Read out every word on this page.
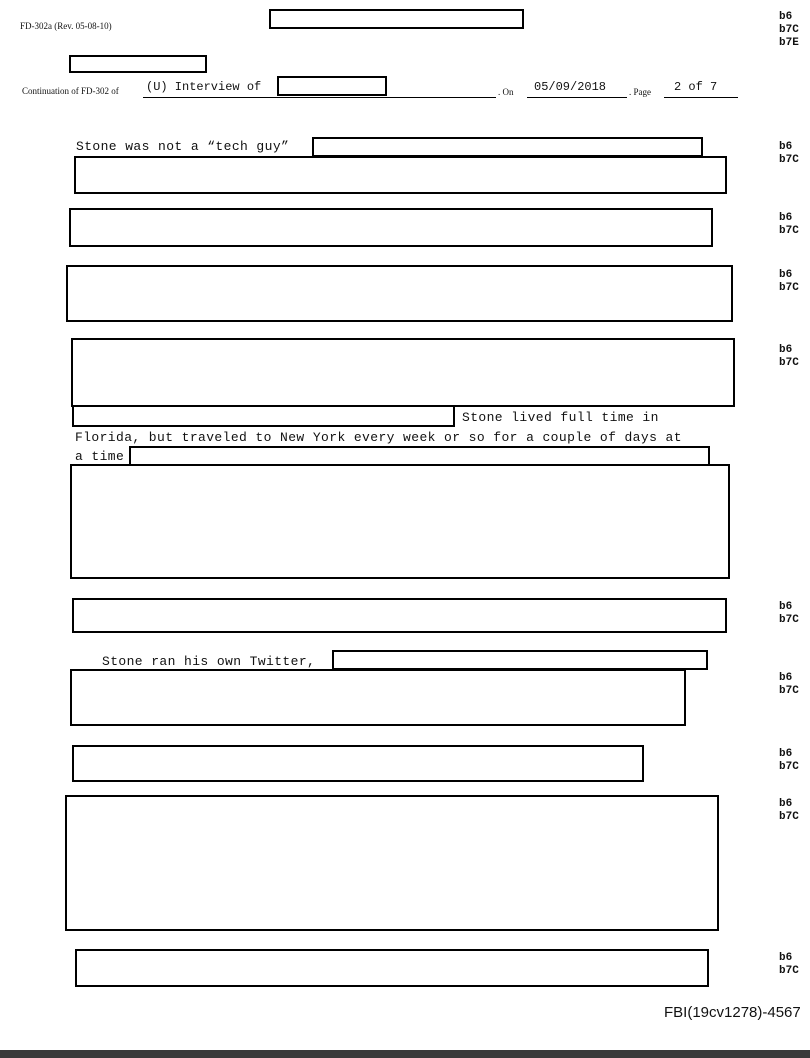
FD-302a (Rev. 05-08-10)
b6
b7C
b7E
Continuation of FD-302 of (U) Interview of	. On 05/09/2018	. Page 2 of 7
Stone was not a “tech guy”	b6
b7C
b6
b7C
b6
b7C
b6
b7C
Stone lived full time in
Florida, but traveled to New York every week or so for a couple of days at
a time
b6
b7C
Stone ran his own Twitter,
b6
b7C
b6
b7C
b6
b7C
b6
b7C
FBI(19cv1278)-4567
